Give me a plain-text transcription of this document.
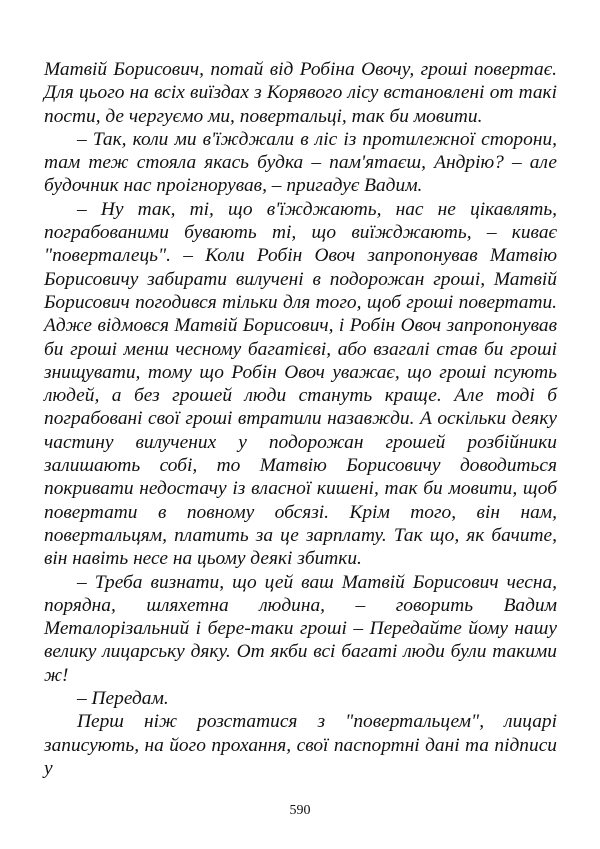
Матвій Борисович, потай від Робіна Овочу, гроші повертає. Для цього на всіх виїздах з Корявого лісу встановлені от такі пости, де чергуємо ми, повертальці, так би мовити.

– Так, коли ми в'їжджали в ліс із протилежної сторони, там теж стояла якась будка – пам'ятаєш, Андрію? – але будочник нас проігнорував, – пригадує Вадим.

– Ну так, ті, що в'їжджають, нас не цікавлять, пограбованими бувають ті, що виїжджають, – киває "поверталець". – Коли Робін Овоч запропонував Матвію Борисовичу забирати вилучені в подорожан гроші, Матвій Борисович погодився тільки для того, щоб гроші повертати. Адже відмовся Матвій Борисович, і Робін Овоч запропонував би гроші менш чесному багатієві, або взагалі став би гроші знищувати, тому що Робін Овоч уважає, що гроші псують людей, а без грошей люди стануть краще. Але тоді б пограбовані свої гроші втратили назавжди. А оскільки деяку частину вилучених у подорожан грошей розбійники залишають собі, то Матвію Борисовичу доводиться покривати недостачу із власної кишені, так би мовити, щоб повертати в повному обсязі. Крім того, він нам, повертальцям, платить за це зарплату. Так що, як бачите, він навіть несе на цьому деякі збитки.

– Треба визнати, що цей ваш Матвій Борисович чесна, порядна, шляхетна людина, – говорить Вадим Металорізальний і бере-таки гроші – Передайте йому нашу велику лицарську дяку. От якби всі багаті люди були такими ж!

– Передам.

Перш ніж розстатися з "повертальцем", лицарі записують, на його прохання, свої паспортні дані та підписи у

590
